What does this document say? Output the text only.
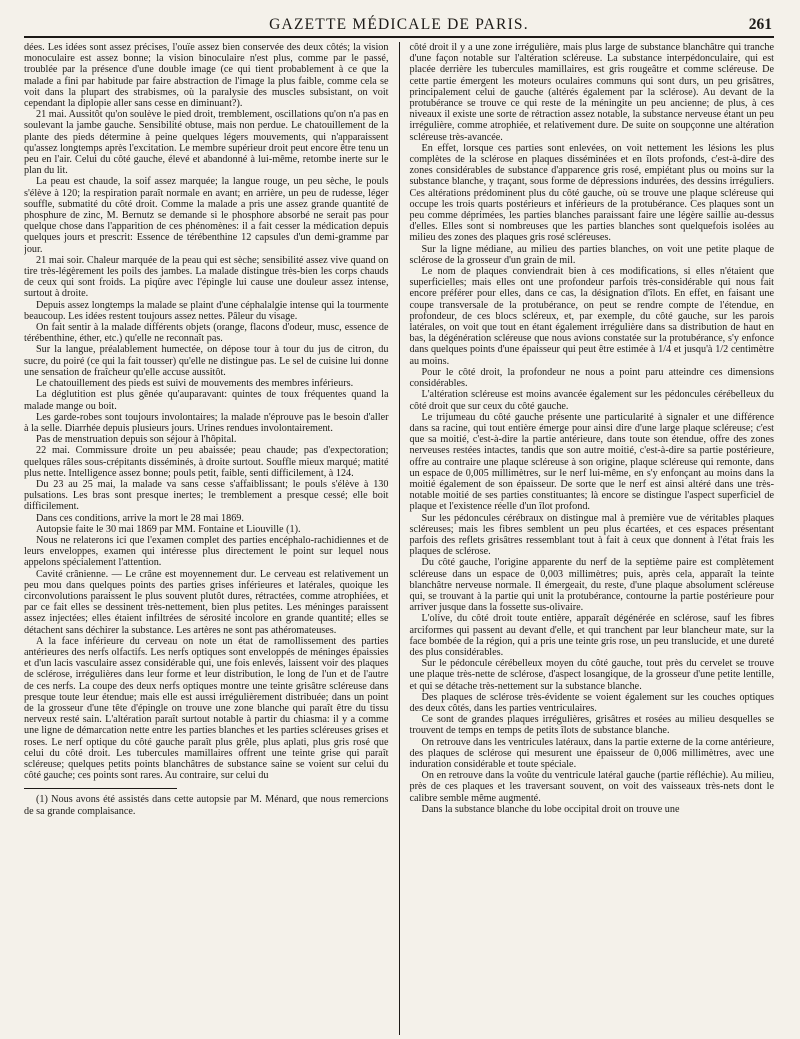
GAZETTE MÉDICALE DE PARIS.	261

dées. Les idées sont assez précises, l'ouïe assez bien conservée des deux côtés; la vision monoculaire est assez bonne; la vision binoculaire n'est plus, comme par le passé, troublée par la présence d'une double image (ce qui tient probablement à ce que la malade a fini par habitude par faire abstraction de l'image la plus faible, comme cela se voit dans la plupart des strabismes, où la paralysie des muscles subsistant, on voit cependant la diplopie aller sans cesse en diminuant?).

21 mai. Aussitôt qu'on soulève le pied droit, tremblement, oscillations qu'on n'a pas en soulevant la jambe gauche. Sensibilité obtuse, mais non perdue. Le chatouillement de la plante des pieds détermine à peine quelques légers mouvements, qui n'apparaissent qu'assez longtemps après l'excitation. Le membre supérieur droit peut encore être tenu un peu en l'air. Celui du côté gauche, élevé et abandonné à lui-même, retombe inerte sur le plan du lit.

La peau est chaude, la soif assez marquée; la langue rouge, un peu sèche, le pouls s'élève à 120; la respiration paraît normale en avant; en arrière, un peu de rudesse, léger souffle, submatité du côté droit. Comme la malade a pris une assez grande quantité de phosphure de zinc, M. Bernutz se demande si le phosphore absorbé ne serait pas pour quelque chose dans l'apparition de ces phénomènes: il a fait cesser la médication depuis quelques jours et prescrit: Essence de térébenthine 12 capsules d'un demi-gramme par jour.

21 mai soir. Chaleur marquée de la peau qui est sèche; sensibilité assez vive quand on tire très-légèrement les poils des jambes. La malade distingue très-bien les corps chauds de ceux qui sont froids. La piqûre avec l'épingle lui cause une douleur assez intense, surtout à droite.

Depuis assez longtemps la malade se plaint d'une céphalalgie intense qui la tourmente beaucoup. Les idées restent toujours assez nettes. Pâleur du visage.

On fait sentir à la malade différents objets (orange, flacons d'odeur, musc, essence de térébenthine, éther, etc.) qu'elle ne reconnaît pas.

Sur la langue, préalablement humectée, on dépose tour à tour du jus de citron, du sucre, du poiré (ce qui la fait tousser) qu'elle ne distingue pas. Le sel de cuisine lui donne une sensation de fraîcheur qu'elle accuse aussitôt.

Le chatouillement des pieds est suivi de mouvements des membres inférieurs.

La déglutition est plus gênée qu'auparavant: quintes de toux fréquentes quand la malade mange ou boit.

Les garde-robes sont toujours involontaires; la malade n'éprouve pas le besoin d'aller à la selle. Diarrhée depuis plusieurs jours. Urines rendues involontairement.

Pas de menstruation depuis son séjour à l'hôpital.

22 mai. Commissure droite un peu abaissée; peau chaude; pas d'expectoration; quelques râles sous-crépitants disséminés, à droite surtout. Souffle mieux marqué; matité plus nette. Intelligence assez bonne; pouls petit, faible, senti difficilement, à 124.

Du 23 au 25 mai, la malade va sans cesse s'affaiblissant; le pouls s'élève à 130 pulsations. Les bras sont presque inertes; le tremblement a presque cessé; elle boit difficilement.

Dans ces conditions, arrive la mort le 28 mai 1869.

Autopsie faite le 30 mai 1869 par MM. Fontaine et Liouville (1).

Nous ne relaterons ici que l'examen complet des parties encéphalo-rachidiennes et de leurs enveloppes, examen qui intéresse plus directement le point sur lequel nous appelons spécialement l'attention.

Cavité crânienne. — Le crâne est moyennement dur. Le cerveau est relativement un peu mou dans quelques points des parties grises inférieures et latérales, quoique les circonvolutions paraissent le plus souvent plutôt dures, rétractées, comme atrophiées, et par ce fait elles se dessinent très-nettement, bien plus petites. Les méninges paraissent assez injectées; elles étaient infiltrées de sérosité incolore en grande quantité; elles se détachent sans déchirer la substance. Les artères ne sont pas athéromateuses.

A la face inférieure du cerveau on note un état de ramollissement des parties antérieures des nerfs olfactifs. Les nerfs optiques sont enveloppés de méninges épaissies et d'un lacis vasculaire assez considérable qui, une fois enlevés, laissent voir des plaques de sclérose, irrégulières dans leur forme et leur distribution, le long de l'un et de l'autre de ces nerfs. La coupe des deux nerfs optiques montre une teinte grisâtre scléreuse dans presque toute leur étendue; mais elle est aussi irrégulièrement distribuée; dans un point de la grosseur d'une tête d'épingle on trouve une zone blanche qui paraît être du tissu nerveux resté sain. L'altération paraît surtout notable à partir du chiasma: il y a comme une ligne de démarcation nette entre les parties blanches et les parties scléreuses grises et roses. Le nerf optique du côté gauche paraît plus grêle, plus aplati, plus gris rosé que celui du côté droit. Les tubercules mamillaires offrent une teinte grise qui paraît scléreuse; quelques petits points blanchâtres de substance saine se voient sur celui du côté gauche; ces points sont rares. Au contraire, sur celui du

(1) Nous avons été assistés dans cette autopsie par M. Ménard, que nous remercions de sa grande complaisance.

côté droit il y a une zone irrégulière, mais plus large de substance blanchâtre qui tranche d'une façon notable sur l'altération scléreuse. La substance interpédonculaire, qui est placée derrière les tubercules mamillaires, est gris rougeâtre et comme scléreuse. De cette partie émergent les moteurs oculaires communs qui sont durs, un peu grisâtres, principalement celui de gauche (altérés également par la sclérose). Au devant de la protubérance se trouve ce qui reste de la méningite un peu ancienne; de plus, à ces niveaux il existe une sorte de rétraction assez notable, la substance nerveuse étant un peu irrégulière, comme atrophiée, et relativement dure. De suite on soupçonne une altération scléreuse très-avancée.

En effet, lorsque ces parties sont enlevées, on voit nettement les lésions les plus complètes de la sclérose en plaques disséminées et en îlots profonds, c'est-à-dire des zones considérables de substance d'apparence gris rosé, empiétant plus ou moins sur la substance blanche, y traçant, sous forme de dépressions indurées, des dessins irréguliers. Ces altérations prédominent plus du côté gauche, où se trouve une plaque scléreuse qui occupe les trois quarts postérieurs et inférieurs de la protubérance. Ces plaques sont un peu comme déprimées, les parties blanches paraissant faire une légère saillie au-dessus d'elles. Elles sont si nombreuses que les parties blanches sont quelquefois isolées au milieu des zones des plaques gris rosé scléreuses.

Sur la ligne médiane, au milieu des parties blanches, on voit une petite plaque de sclérose de la grosseur d'un grain de mil.

Le nom de plaques conviendrait bien à ces modifications, si elles n'étaient que superficielles; mais elles ont une profondeur parfois très-considérable qui nous fait encore préférer pour elles, dans ce cas, la désignation d'îlots. En effet, en faisant une coupe transversale de la protubérance, on peut se rendre compte de l'étendue, en profondeur, de ces blocs scléreux, et, par exemple, du côté gauche, sur les parois latérales, on voit que tout en étant également irrégulière dans sa distribution de haut en bas, la dégénération scléreuse que nous avions constatée sur la protubérance, s'y enfonce dans quelques points d'une épaisseur qui peut être estimée à 1/4 et jusqu'à 1/2 centimètre au moins.

Pour le côté droit, la profondeur ne nous a point paru atteindre ces dimensions considérables.

L'altération scléreuse est moins avancée également sur les pédoncules cérébelleux du côté droit que sur ceux du côté gauche.

Le trijumeau du côté gauche présente une particularité à signaler et une différence dans sa racine, qui tout entière émerge pour ainsi dire d'une large plaque scléreuse; c'est que sa moitié, c'est-à-dire la partie antérieure, dans toute son étendue, offre des zones nerveuses restées intactes, tandis que son autre moitié, c'est-à-dire sa partie postérieure, offre au contraire une plaque scléreuse à son origine, plaque scléreuse qui remonte, dans un espace de 0,005 millimètres, sur le nerf lui-même, en s'y enfonçant au moins dans la moitié également de son épaisseur. De sorte que le nerf est ainsi altéré dans une très-notable moitié de ses parties constituantes; là encore se distingue l'aspect superficiel de plaque et l'existence réelle d'un îlot profond.

Sur les pédoncules cérébraux on distingue mal à première vue de véritables plaques scléreuses; mais les fibres semblent un peu plus écartées, et ces espaces présentant parfois des reflets grisâtres ressemblant tout à fait à ceux que donnent à l'état frais les plaques de sclérose.

Du côté gauche, l'origine apparente du nerf de la septième paire est complètement scléreuse dans un espace de 0,003 millimètres; puis, après cela, apparaît la teinte blanchâtre nerveuse normale. Il émergeait, du reste, d'une plaque absolument scléreuse qui, se trouvant à la partie qui unit la protubérance, contourne la partie postérieure pour arriver jusque dans la fossette sus-olivaire.

L'olive, du côté droit toute entière, apparaît dégénérée en sclérose, sauf les fibres arciformes qui passent au devant d'elle, et qui tranchent par leur blancheur mate, sur la face bombée de la région, qui a pris une teinte gris rose, un peu translucide, et une dureté des plus considérables.

Sur le pédoncule cérébelleux moyen du côté gauche, tout près du cervelet se trouve une plaque très-nette de sclérose, d'aspect losangique, de la grosseur d'une petite lentille, et qui se détache très-nettement sur la substance blanche.

Des plaques de sclérose très-évidente se voient également sur les couches optiques des deux côtés, dans les parties ventriculaires.

Ce sont de grandes plaques irrégulières, grisâtres et rosées au milieu desquelles se trouvent de temps en temps de petits îlots de substance blanche.

On retrouve dans les ventricules latéraux, dans la partie externe de la corne antérieure, des plaques de sclérose qui mesurent une épaisseur de 0,006 millimètres, avec une induration considérable et toute spéciale.

On en retrouve dans la voûte du ventricule latéral gauche (partie réfléchie). Au milieu, près de ces plaques et les traversant souvent, on voit des vaisseaux très-nets dont le calibre semble même augmenté.

Dans la substance blanche du lobe occipital droit on trouve une
